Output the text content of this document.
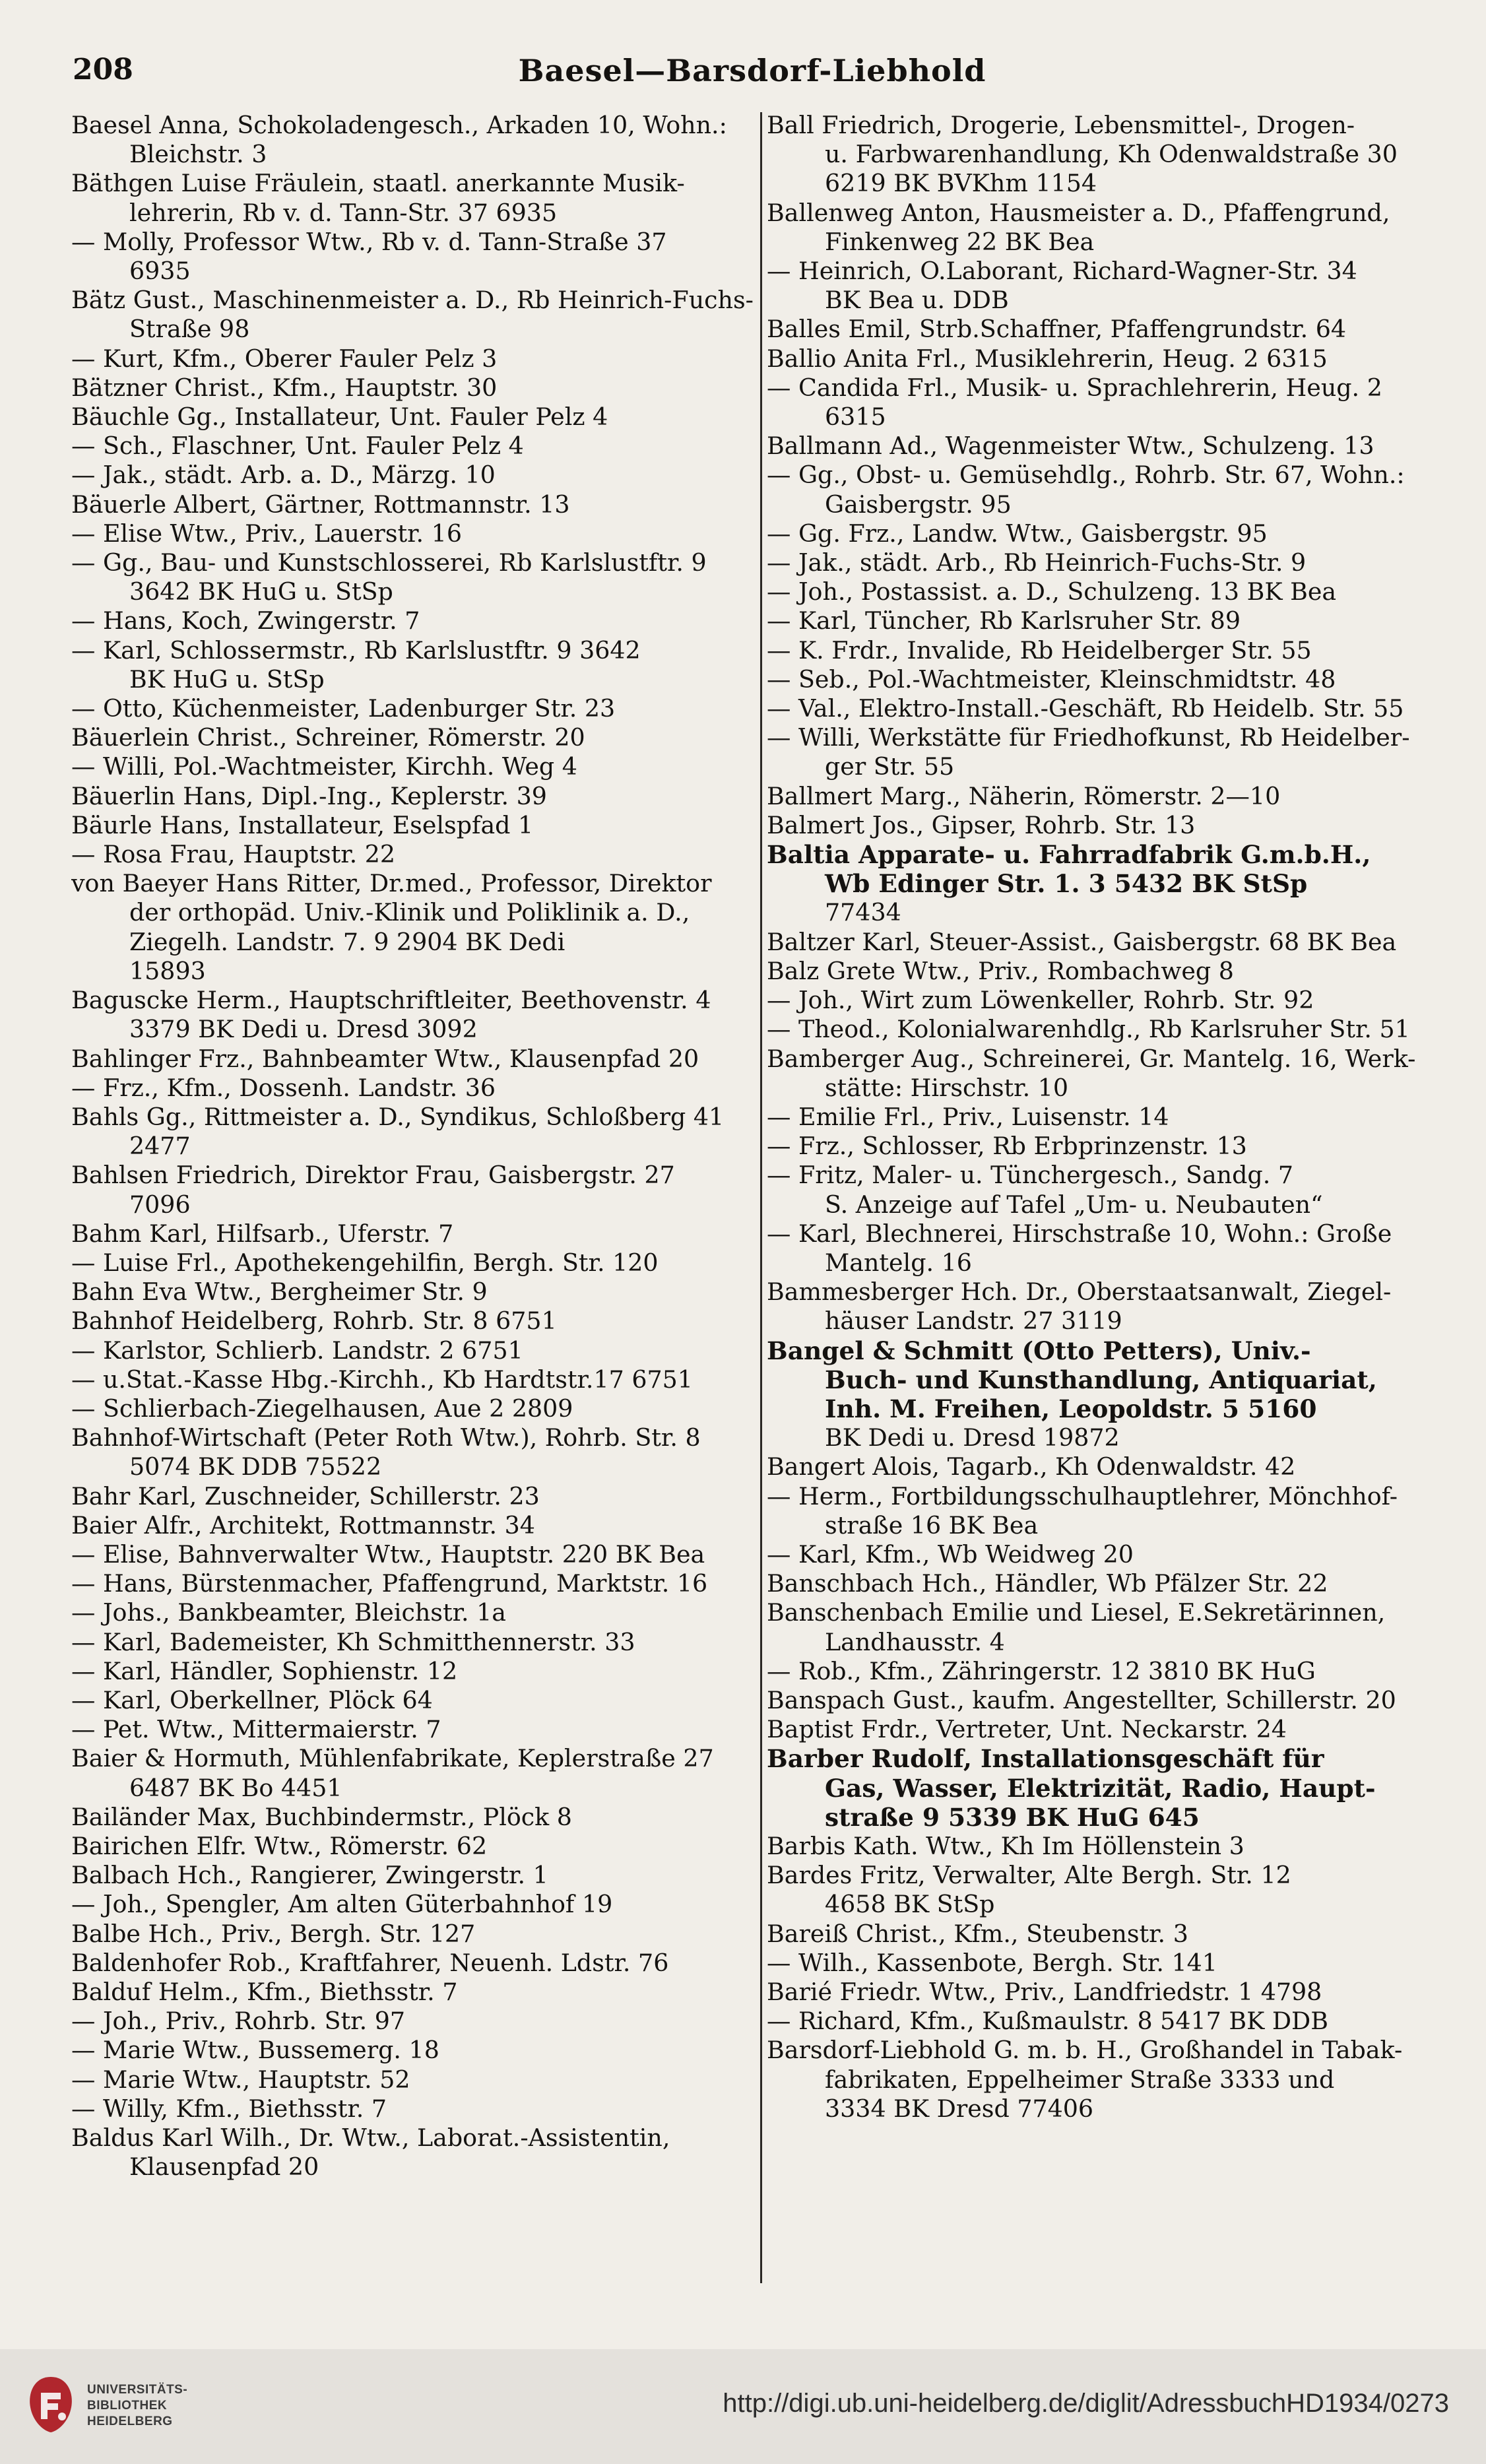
208	Baesel—Barsdorf-Liebhold
Baesel Anna, Schokoladengesch., Arkaden 10, Wohn.:
Bleichstr. 3
Bäthgen Luise Fräulein, staatl. anerkannte Musik-
lehrerin, Rb v. d. Tann-Str. 37 6935
— Molly, Professor Wtw., Rb v. d. Tann-Straße 37
6935
Bätz Gust., Maschinenmeister a. D., Rb Heinrich-Fuchs-
Straße 98
— Kurt, Kfm., Oberer Fauler Pelz 3
Bätzner Christ., Kfm., Hauptstr. 30
Bäuchle Gg., Installateur, Unt. Fauler Pelz 4
— Sch., Flaschner, Unt. Fauler Pelz 4
— Jak., städt. Arb. a. D., Märzg. 10
Bäuerle Albert, Gärtner, Rottmannstr. 13
— Elise Wtw., Priv., Lauerstr. 16
— Gg., Bau- und Kunstschlosserei, Rb Karlslustftr. 9
3642 BK HuG u. StSp
— Hans, Koch, Zwingerstr. 7
— Karl, Schlossermstr., Rb Karlslustftr. 9 3642
BK HuG u. StSp
— Otto, Küchenmeister, Ladenburger Str. 23
Bäuerlein Christ., Schreiner, Römerstr. 20
— Willi, Pol.-Wachtmeister, Kirchh. Weg 4
Bäuerlin Hans, Dipl.-Ing., Keplerstr. 39
Bäurle Hans, Installateur, Eselspfad 1
— Rosa Frau, Hauptstr. 22
von Baeyer Hans Ritter, Dr.med., Professor, Direktor
der orthopäd. Univ.-Klinik und Poliklinik a. D.,
Ziegelh. Landstr. 7. 9 2904 BK Dedi
15893
Baguscke Herm., Hauptschriftleiter, Beethovenstr. 4
3379 BK Dedi u. Dresd 3092
Bahlinger Frz., Bahnbeamter Wtw., Klausenpfad 20
— Frz., Kfm., Dossenh. Landstr. 36
Bahls Gg., Rittmeister a. D., Syndikus, Schloßberg 41
2477
Bahlsen Friedrich, Direktor Frau, Gaisbergstr. 27
7096
Bahm Karl, Hilfsarb., Uferstr. 7
— Luise Frl., Apothekengehilfin, Bergh. Str. 120
Bahn Eva Wtw., Bergheimer Str. 9
Bahnhof Heidelberg, Rohrb. Str. 8 6751
— Karlstor, Schlierb. Landstr. 2 6751
— u.Stat.-Kasse Hbg.-Kirchh., Kb Hardtstr.17 6751
— Schlierbach-Ziegelhausen, Aue 2 2809
Bahnhof-Wirtschaft (Peter Roth Wtw.), Rohrb. Str. 8
5074 BK DDB 75522
Bahr Karl, Zuschneider, Schillerstr. 23
Baier Alfr., Architekt, Rottmannstr. 34
— Elise, Bahnverwalter Wtw., Hauptstr. 220 BK Bea
— Hans, Bürstenmacher, Pfaffengrund, Marktstr. 16
— Johs., Bankbeamter, Bleichstr. 1a
— Karl, Bademeister, Kh Schmitthennerstr. 33
— Karl, Händler, Sophienstr. 12
— Karl, Oberkellner, Plöck 64
— Pet. Wtw., Mittermaierstr. 7
Baier & Hormuth, Mühlenfabrikate, Keplerstraße 27
6487 BK Bo 4451
Bailänder Max, Buchbindermstr., Plöck 8
Bairichen Elfr. Wtw., Römerstr. 62
Balbach Hch., Rangierer, Zwingerstr. 1
— Joh., Spengler, Am alten Güterbahnhof 19
Balbe Hch., Priv., Bergh. Str. 127
Baldenhofer Rob., Kraftfahrer, Neuenh. Ldstr. 76
Balduf Helm., Kfm., Biethsstr. 7
— Joh., Priv., Rohrb. Str. 97
— Marie Wtw., Bussemerg. 18
— Marie Wtw., Hauptstr. 52
— Willy, Kfm., Biethsstr. 7
Baldus Karl Wilh., Dr. Wtw., Laborat.-Assistentin,
Klausenpfad 20
Ball Friedrich, Drogerie, Lebensmittel-, Drogen-
u. Farbwarenhandlung, Kh Odenwaldstraße 30
6219 BK BVKhm 1154
Ballenweg Anton, Hausmeister a. D., Pfaffengrund,
Finkenweg 22 BK Bea
— Heinrich, O.Laborant, Richard-Wagner-Str. 34
BK Bea u. DDB
Balles Emil, Strb.Schaffner, Pfaffengrundstr. 64
Ballio Anita Frl., Musiklehrerin, Heug. 2 6315
— Candida Frl., Musik- u. Sprachlehrerin, Heug. 2
6315
Ballmann Ad., Wagenmeister Wtw., Schulzeng. 13
— Gg., Obst- u. Gemüsehdlg., Rohrb. Str. 67, Wohn.:
Gaisbergstr. 95
— Gg. Frz., Landw. Wtw., Gaisbergstr. 95
— Jak., städt. Arb., Rb Heinrich-Fuchs-Str. 9
— Joh., Postassist. a. D., Schulzeng. 13 BK Bea
— Karl, Tüncher, Rb Karlsruher Str. 89
— K. Frdr., Invalide, Rb Heidelberger Str. 55
— Seb., Pol.-Wachtmeister, Kleinschmidtstr. 48
— Val., Elektro-Install.-Geschäft, Rb Heidelb. Str. 55
— Willi, Werkstätte für Friedhofkunst, Rb Heidelber-
ger Str. 55
Ballmert Marg., Näherin, Römerstr. 2—10
Balmert Jos., Gipser, Rohrb. Str. 13
Baltia Apparate- u. Fahrradfabrik G.m.b.H.,
Wb Edinger Str. 1. 3 5432 BK StSp
77434
Baltzer Karl, Steuer-Assist., Gaisbergstr. 68 BK Bea
Balz Grete Wtw., Priv., Rombachweg 8
— Joh., Wirt zum Löwenkeller, Rohrb. Str. 92
— Theod., Kolonialwarenhdlg., Rb Karlsruher Str. 51
Bamberger Aug., Schreinerei, Gr. Mantelg. 16, Werk-
stätte: Hirschstr. 10
— Emilie Frl., Priv., Luisenstr. 14
— Frz., Schlosser, Rb Erbprinzenstr. 13
— Fritz, Maler- u. Tünchergesch., Sandg. 7
S. Anzeige auf Tafel „Um- u. Neubauten“
— Karl, Blechnerei, Hirschstraße 10, Wohn.: Große
Mantelg. 16
Bammesberger Hch. Dr., Oberstaatsanwalt, Ziegel-
häuser Landstr. 27 3119
Bangel & Schmitt (Otto Petters), Univ.-
Buch- und Kunsthandlung, Antiquariat,
Inh. M. Freihen, Leopoldstr. 5 5160
BK Dedi u. Dresd 19872
Bangert Alois, Tagarb., Kh Odenwaldstr. 42
— Herm., Fortbildungsschulhauptlehrer, Mönchhof-
straße 16 BK Bea
— Karl, Kfm., Wb Weidweg 20
Banschbach Hch., Händler, Wb Pfälzer Str. 22
Banschenbach Emilie und Liesel, E.Sekretärinnen,
Landhausstr. 4
— Rob., Kfm., Zähringerstr. 12 3810 BK HuG
Banspach Gust., kaufm. Angestellter, Schillerstr. 20
Baptist Frdr., Vertreter, Unt. Neckarstr. 24
Barber Rudolf, Installationsgeschäft für
Gas, Wasser, Elektrizität, Radio, Haupt-
straße 9 5339 BK HuG 645
Barbis Kath. Wtw., Kh Im Höllenstein 3
Bardes Fritz, Verwalter, Alte Bergh. Str. 12
4658 BK StSp
Bareiß Christ., Kfm., Steubenstr. 3
— Wilh., Kassenbote, Bergh. Str. 141
Barié Friedr. Wtw., Priv., Landfriedstr. 1 4798
— Richard, Kfm., Kußmaulstr. 8 5417 BK DDB
Barsdorf-Liebhold G. m. b. H., Großhandel in Tabak-
fabrikaten, Eppelheimer Straße 3333 und
3334 BK Dresd 77406
UNIVERSITÄTS-
BIBLIOTHEK
HEIDELBERG
http://digi.ub.uni-heidelberg.de/diglit/AdressbuchHD1934/0273
